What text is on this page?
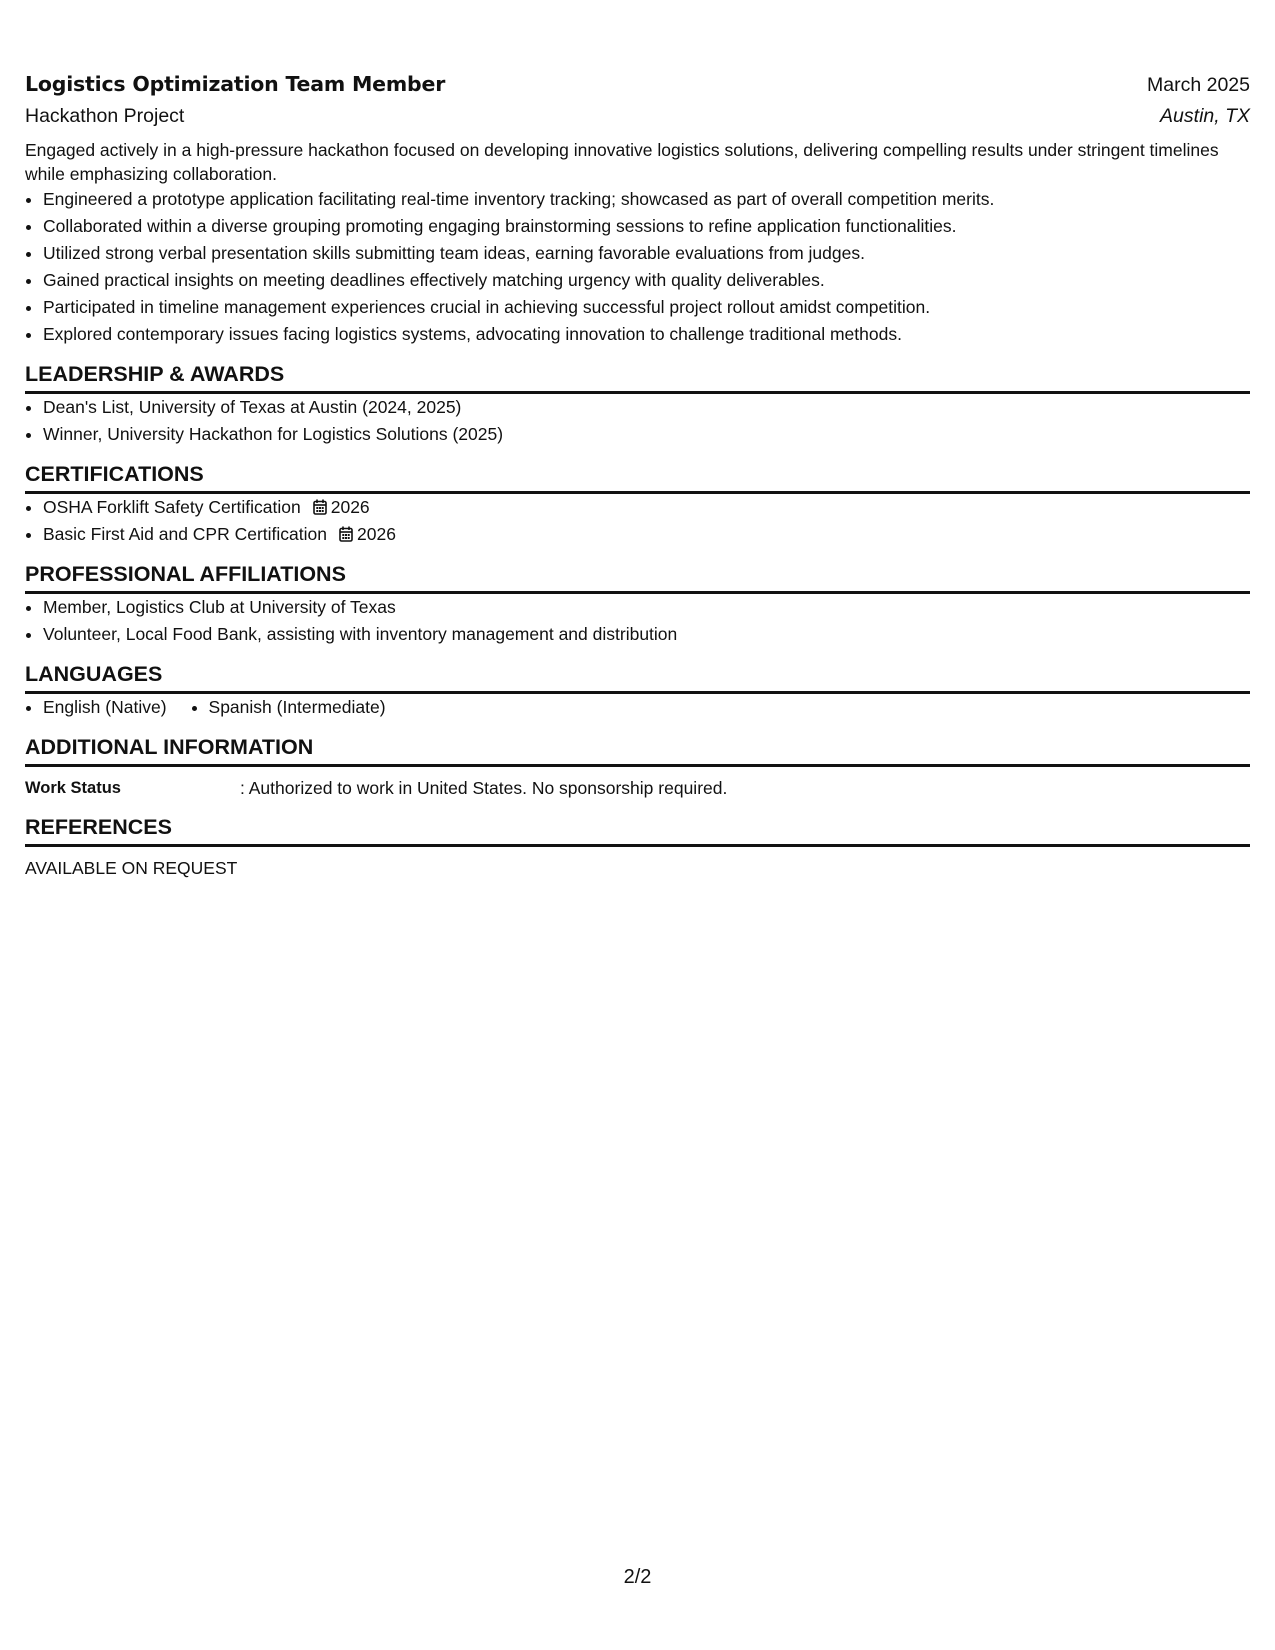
Logistics Optimization Team Member	March 2025
Hackathon Project	Austin, TX
Engaged actively in a high-pressure hackathon focused on developing innovative logistics solutions, delivering compelling results under stringent timelines while emphasizing collaboration.
• Engineered a prototype application facilitating real-time inventory tracking; showcased as part of overall competition merits.
• Collaborated within a diverse grouping promoting engaging brainstorming sessions to refine application functionalities.
• Utilized strong verbal presentation skills submitting team ideas, earning favorable evaluations from judges.
• Gained practical insights on meeting deadlines effectively matching urgency with quality deliverables.
• Participated in timeline management experiences crucial in achieving successful project rollout amidst competition.
• Explored contemporary issues facing logistics systems, advocating innovation to challenge traditional methods.
LEADERSHIP & AWARDS
• Dean's List, University of Texas at Austin (2024, 2025)
• Winner, University Hackathon for Logistics Solutions (2025)
CERTIFICATIONS
• OSHA Forklift Safety Certification 2026
• Basic First Aid and CPR Certification 2026
PROFESSIONAL AFFILIATIONS
• Member, Logistics Club at University of Texas
• Volunteer, Local Food Bank, assisting with inventory management and distribution
LANGUAGES
• English (Native)
• Spanish (Intermediate)
ADDITIONAL INFORMATION
Work Status	: Authorized to work in United States. No sponsorship required.
REFERENCES
AVAILABLE ON REQUEST
2/2
